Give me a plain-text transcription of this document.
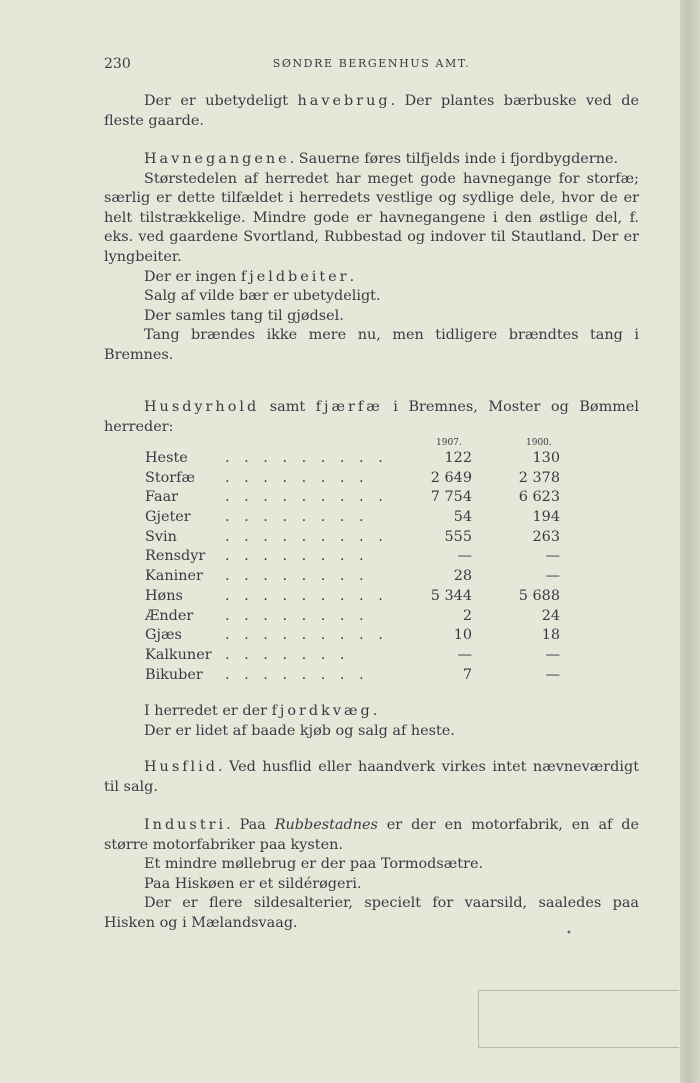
230	SØNDRE BERGENHUS AMT.

Der er ubetydeligt havebrug. Der plantes bærbuske ved de fleste gaarde.

Havnegangene. Sauerne føres tilfjelds inde i fjordbygderne.

Størstedelen af herredet har meget gode havnegange for storfæ; særlig er dette tilfældet i herredets vestlige og sydlige dele, hvor de er helt tilstrækkelige. Mindre gode er havnegangene i den østlige del, f. eks. ved gaardene Svortland, Rubbestad og indover til Stautland. Der er lyngbeiter.

Der er ingen fjeldbeiter.

Salg af vilde bær er ubetydeligt.

Der samles tang til gjødsel.

Tang brændes ikke mere nu, men tidligere brændtes tang i Bremnes.

Husdyrhold samt fjærfæ i Bremnes, Moster og Bømmel herreder:

1907.	1900.
Heste	. . . . . . . . .	122	130
Storfæ . . . . . . . .	2 649	2 378
Faar	. . . . . . . . .	7 754	6 623
Gjeter . . . . . . . .	54	194
Svin	. . . . . . . . .	555	263
Rensdyr . . . . . . . .	—	—
Kaniner . . . . . . . .	28	—
Høns	. . . . . . . . .	5 344	5 688
Ænder . . . . . . . .	2	24
Gjæs	. . . . . . . . .	10	18
Kalkuner . . . . . . .	—	—
Bikuber . . . . . . . .	7	—

I herredet er der fjordkvæg.

Der er lidet af baade kjøb og salg af heste.

Husflid. Ved husflid eller haandverk virkes intet nævneværdigt til salg.

Industri. Paa Rubbestadnes er der en motorfabrik, en af de større motorfabriker paa kysten.

Et mindre møllebrug er der paa Tormodsætre.

Paa Hiskøen er et sildérøgeri.

Der er flere sildesalterier, specielt for vaarsild, saaledes paa Hisken og i Mælandsvaag.

•
